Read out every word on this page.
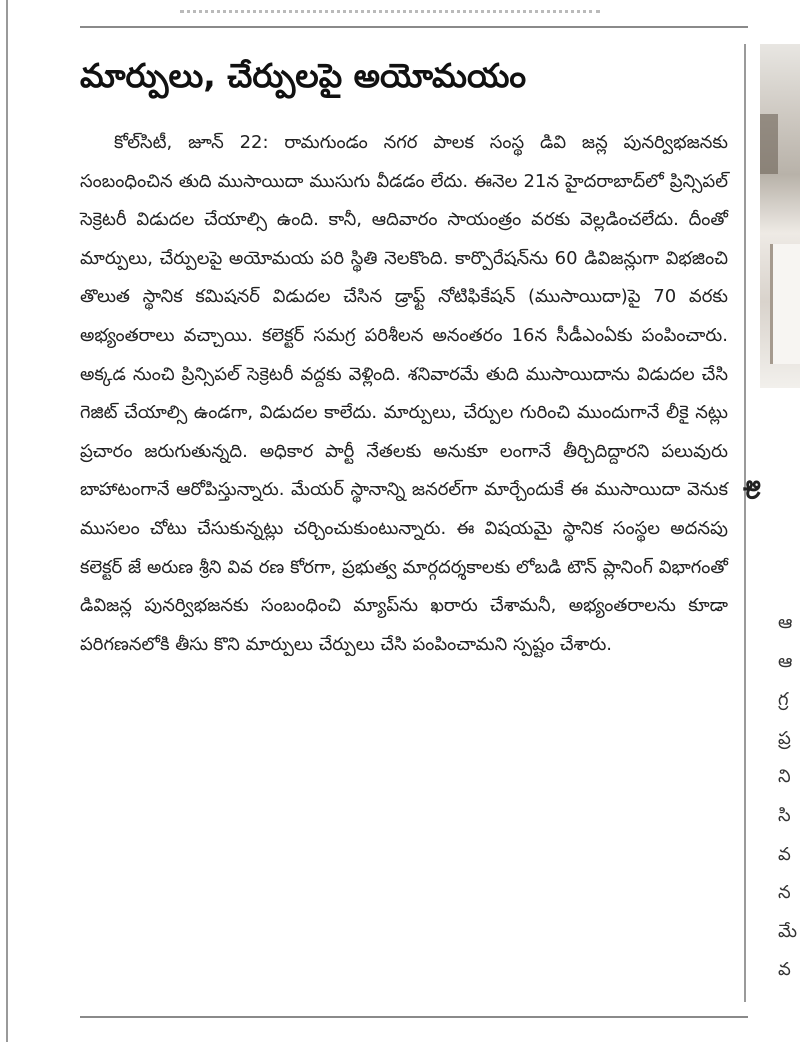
మార్పులు, చేర్పులపై అయోమయం

కోల్‌సిటీ, జూన్ 22: రామగుండం నగర పాలక సంస్థ డివి జన్ల పునర్విభజనకు సంబంధించిన తుది ముసాయిదా ముసుగు వీడడం లేదు. ఈనెల 21న హైదరాబాద్‌లో ప్రిన్సిపల్ సెక్రెటరీ విడుదల చేయాల్సి ఉంది. కానీ, ఆదివారం సాయంత్రం వరకు వెల్లడించలేదు. దీంతో మార్పులు, చేర్పులపై అయోమయ పరి స్థితి నెలకొంది. కార్పొరేషన్‌ను 60 డివిజన్లుగా విభజించి తొలుత స్థానిక కమిషనర్ విడుదల చేసిన డ్రాఫ్ట్ నోటిఫికేషన్ (ముసాయిదా)పై 70 వరకు అభ్యంతరాలు వచ్చాయి. కలెక్టర్ సమగ్ర పరిశీలన అనంతరం 16న సీడీఎంఏకు పంపించారు. అక్కడ నుంచి ప్రిన్సిపల్ సెక్రెటరీ వద్దకు వెళ్లింది. శనివారమే తుది ముసాయిదాను విడుదల చేసి గెజిట్ చేయాల్సి ఉండగా, విడుదల కాలేదు. మార్పులు, చేర్పుల గురించి ముందుగానే లీకై నట్లు ప్రచారం జరుగుతున్నది. అధికార పార్టీ నేతలకు అనుకూ లంగానే తీర్చిదిద్దారని పలువురు బాహాటంగానే ఆరోపిస్తున్నారు. మేయర్ స్థానాన్ని జనరల్‌గా మార్చేందుకే ఈ ముసాయిదా వెనుక ముసలం చోటు చేసుకున్నట్లు చర్చించుకుంటున్నారు. ఈ విషయమై స్థానిక సంస్థల అదనపు కలెక్టర్ జే అరుణ శ్రీని వివ రణ కోరగా, ప్రభుత్వ మార్గదర్శకాలకు లోబడి టౌన్ ప్లానింగ్ విభాగంతో డివిజన్ల పునర్విభజనకు సంబంధించి మ్యాప్‌ను ఖరారు చేశామనీ, అభ్యంతరాలను కూడా పరిగణనలోకి తీసు కొని మార్పులు చేర్పులు చేసి పంపించామని స్పష్టం చేశారు.

ఖ
ఆ
ఆ
గ్ర
ప్ర
ని
సి
వ
న
మే
వ
